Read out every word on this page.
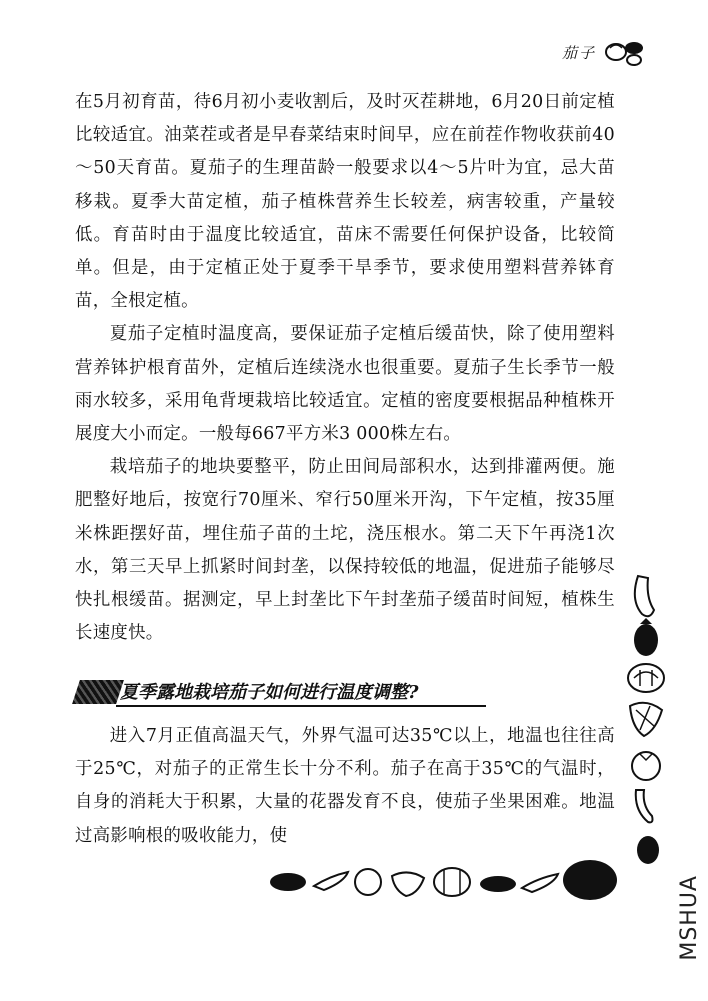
茄子

在5月初育苗，待6月初小麦收割后，及时灭茬耕地，6月20日前定植比较适宜。油菜茬或者是早春菜结束时间早，应在前茬作物收获前40～50天育苗。夏茄子的生理苗龄一般要求以4～5片叶为宜，忌大苗移栽。夏季大苗定植，茄子植株营养生长较差，病害较重，产量较低。育苗时由于温度比较适宜，苗床不需要任何保护设备，比较简单。但是，由于定植正处于夏季干旱季节，要求使用塑料营养钵育苗，全根定植。

夏茄子定植时温度高，要保证茄子定植后缓苗快，除了使用塑料营养钵护根育苗外，定植后连续浇水也很重要。夏茄子生长季节一般雨水较多，采用龟背埂栽培比较适宜。定植的密度要根据品种植株开展度大小而定。一般每667平方米3 000株左右。

栽培茄子的地块要整平，防止田间局部积水，达到排灌两便。施肥整好地后，按宽行70厘米、窄行50厘米开沟，下午定植，按35厘米株距摆好苗，埋住茄子苗的土坨，浇压根水。第二天下午再浇1次水，第三天早上抓紧时间封垄，以保持较低的地温，促进茄子能够尽快扎根缓苗。据测定，早上封垄比下午封垄茄子缓苗时间短，植株生长速度快。

夏季露地栽培茄子如何进行温度调整?

进入7月正值高温天气，外界气温可达35℃以上，地温也往往高于25℃，对茄子的正常生长十分不利。茄子在高于35℃的气温时，自身的消耗大于积累，大量的花器发育不良，使茄子坐果困难。地温过高影响根的吸收能力，使

MSHUA
